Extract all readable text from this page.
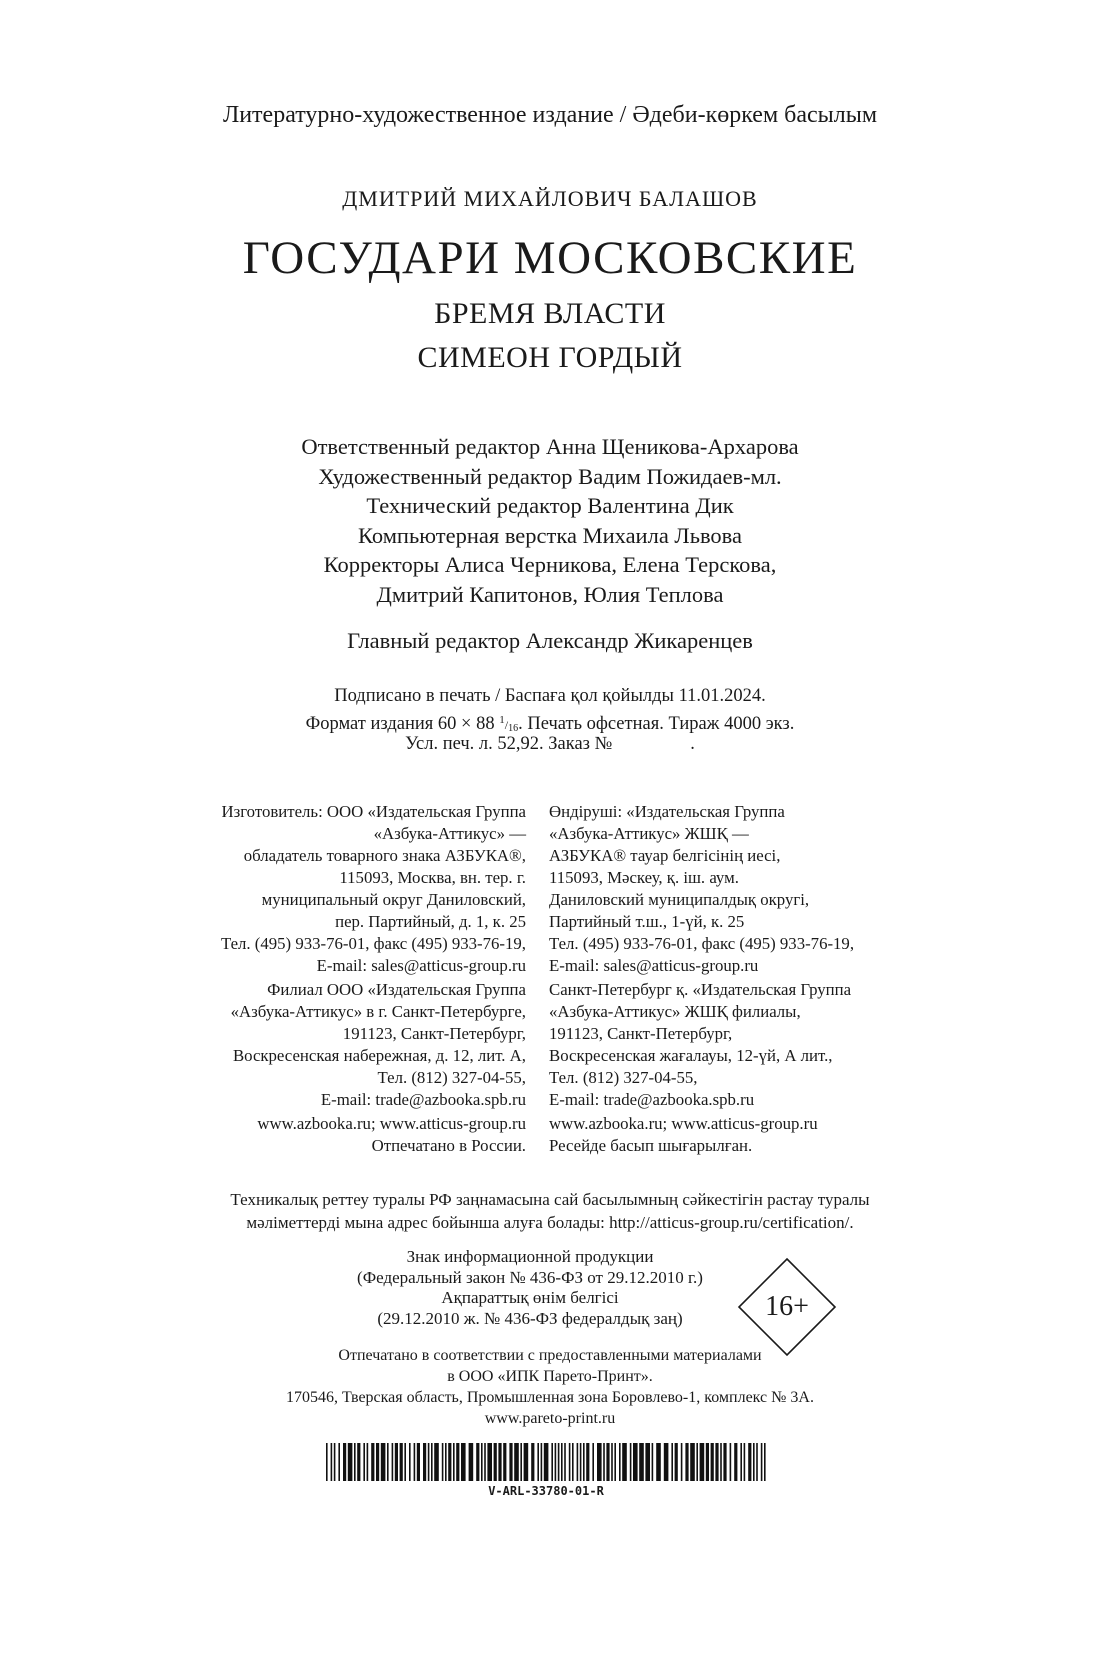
Литературно-художественное издание / Әдеби-көркем басылым
ДМИТРИЙ МИХАЙЛОВИЧ БАЛАШОВ
ГОСУДАРИ МОСКОВСКИЕ
БРЕМЯ ВЛАСТИ
СИМЕОН ГОРДЫЙ
Ответственный редактор Анна Щеникова-Архарова
Художественный редактор Вадим Пожидаев-мл.
Технический редактор Валентина Дик
Компьютерная верстка Михаила Львова
Корректоры Алиса Черникова, Елена Терскова,
Дмитрий Капитонов, Юлия Теплова
Главный редактор Александр Жикаренцев
Подписано в печать / Баспаға қол қойылды 11.01.2024.
Формат издания 60 × 88 $^1/_{16}$. Печать офсетная. Тираж 4000 экз.
Усл. печ. л. 52,92. Заказ №	.
Изготовитель: ООО «Издательская Группа
«Азбука-Аттикус» —
обладатель товарного знака АЗБУКА®,
115093, Москва, вн. тер. г.
муниципальный округ Даниловский,
пер. Партийный, д. 1, к. 25
Тел. (495) 933-76-01, факс (495) 933-76-19,
E-mail: sales@atticus-group.ru
Өндіруші: «Издательская Группа
«Азбука-Аттикус» ЖШҚ —
АЗБУКА® тауар белгісінің иесі,
115093, Мәскеу, қ. іш. аум.
Даниловский муниципалдық округі,
Партийный т.ш., 1-үй, к. 25
Тел. (495) 933-76-01, факс (495) 933-76-19,
E-mail: sales@atticus-group.ru
Филиал ООО «Издательская Группа
«Азбука-Аттикус» в г. Санкт-Петербурге,
191123, Санкт-Петербург,
Воскресенская набережная, д. 12, лит. А,
Тел. (812) 327-04-55,
E-mail: trade@azbooka.spb.ru
Санкт-Петербург қ. «Издательская Группа
«Азбука-Аттикус» ЖШҚ филиалы,
191123, Санкт-Петербург,
Воскресенская жағалауы, 12-үй, А лит.,
Тел. (812) 327-04-55,
E-mail: trade@azbooka.spb.ru
www.azbooka.ru; www.atticus-group.ru
Отпечатано в России.
www.azbooka.ru; www.atticus-group.ru
Ресейде басып шығарылған.
Техникалық реттеу туралы РФ заңнамасына сай басылымның сәйкестігін растау туралы
мәліметтерді мына адрес бойынша алуға болады: http://atticus-group.ru/certification/.
Знак информационной продукции
(Федеральный закон № 436-ФЗ от 29.12.2010 г.)
Ақпараттық өнім белгісі
(29.12.2010 ж. № 436-ФЗ федералдық заң)	16+
Отпечатано в соответствии с предоставленными материалами
в ООО «ИПК Парето-Принт».
170546, Тверская область, Промышленная зона Боровлево-1, комплекс № 3А.
www.pareto-print.ru
V-ARL-33780-01-R
